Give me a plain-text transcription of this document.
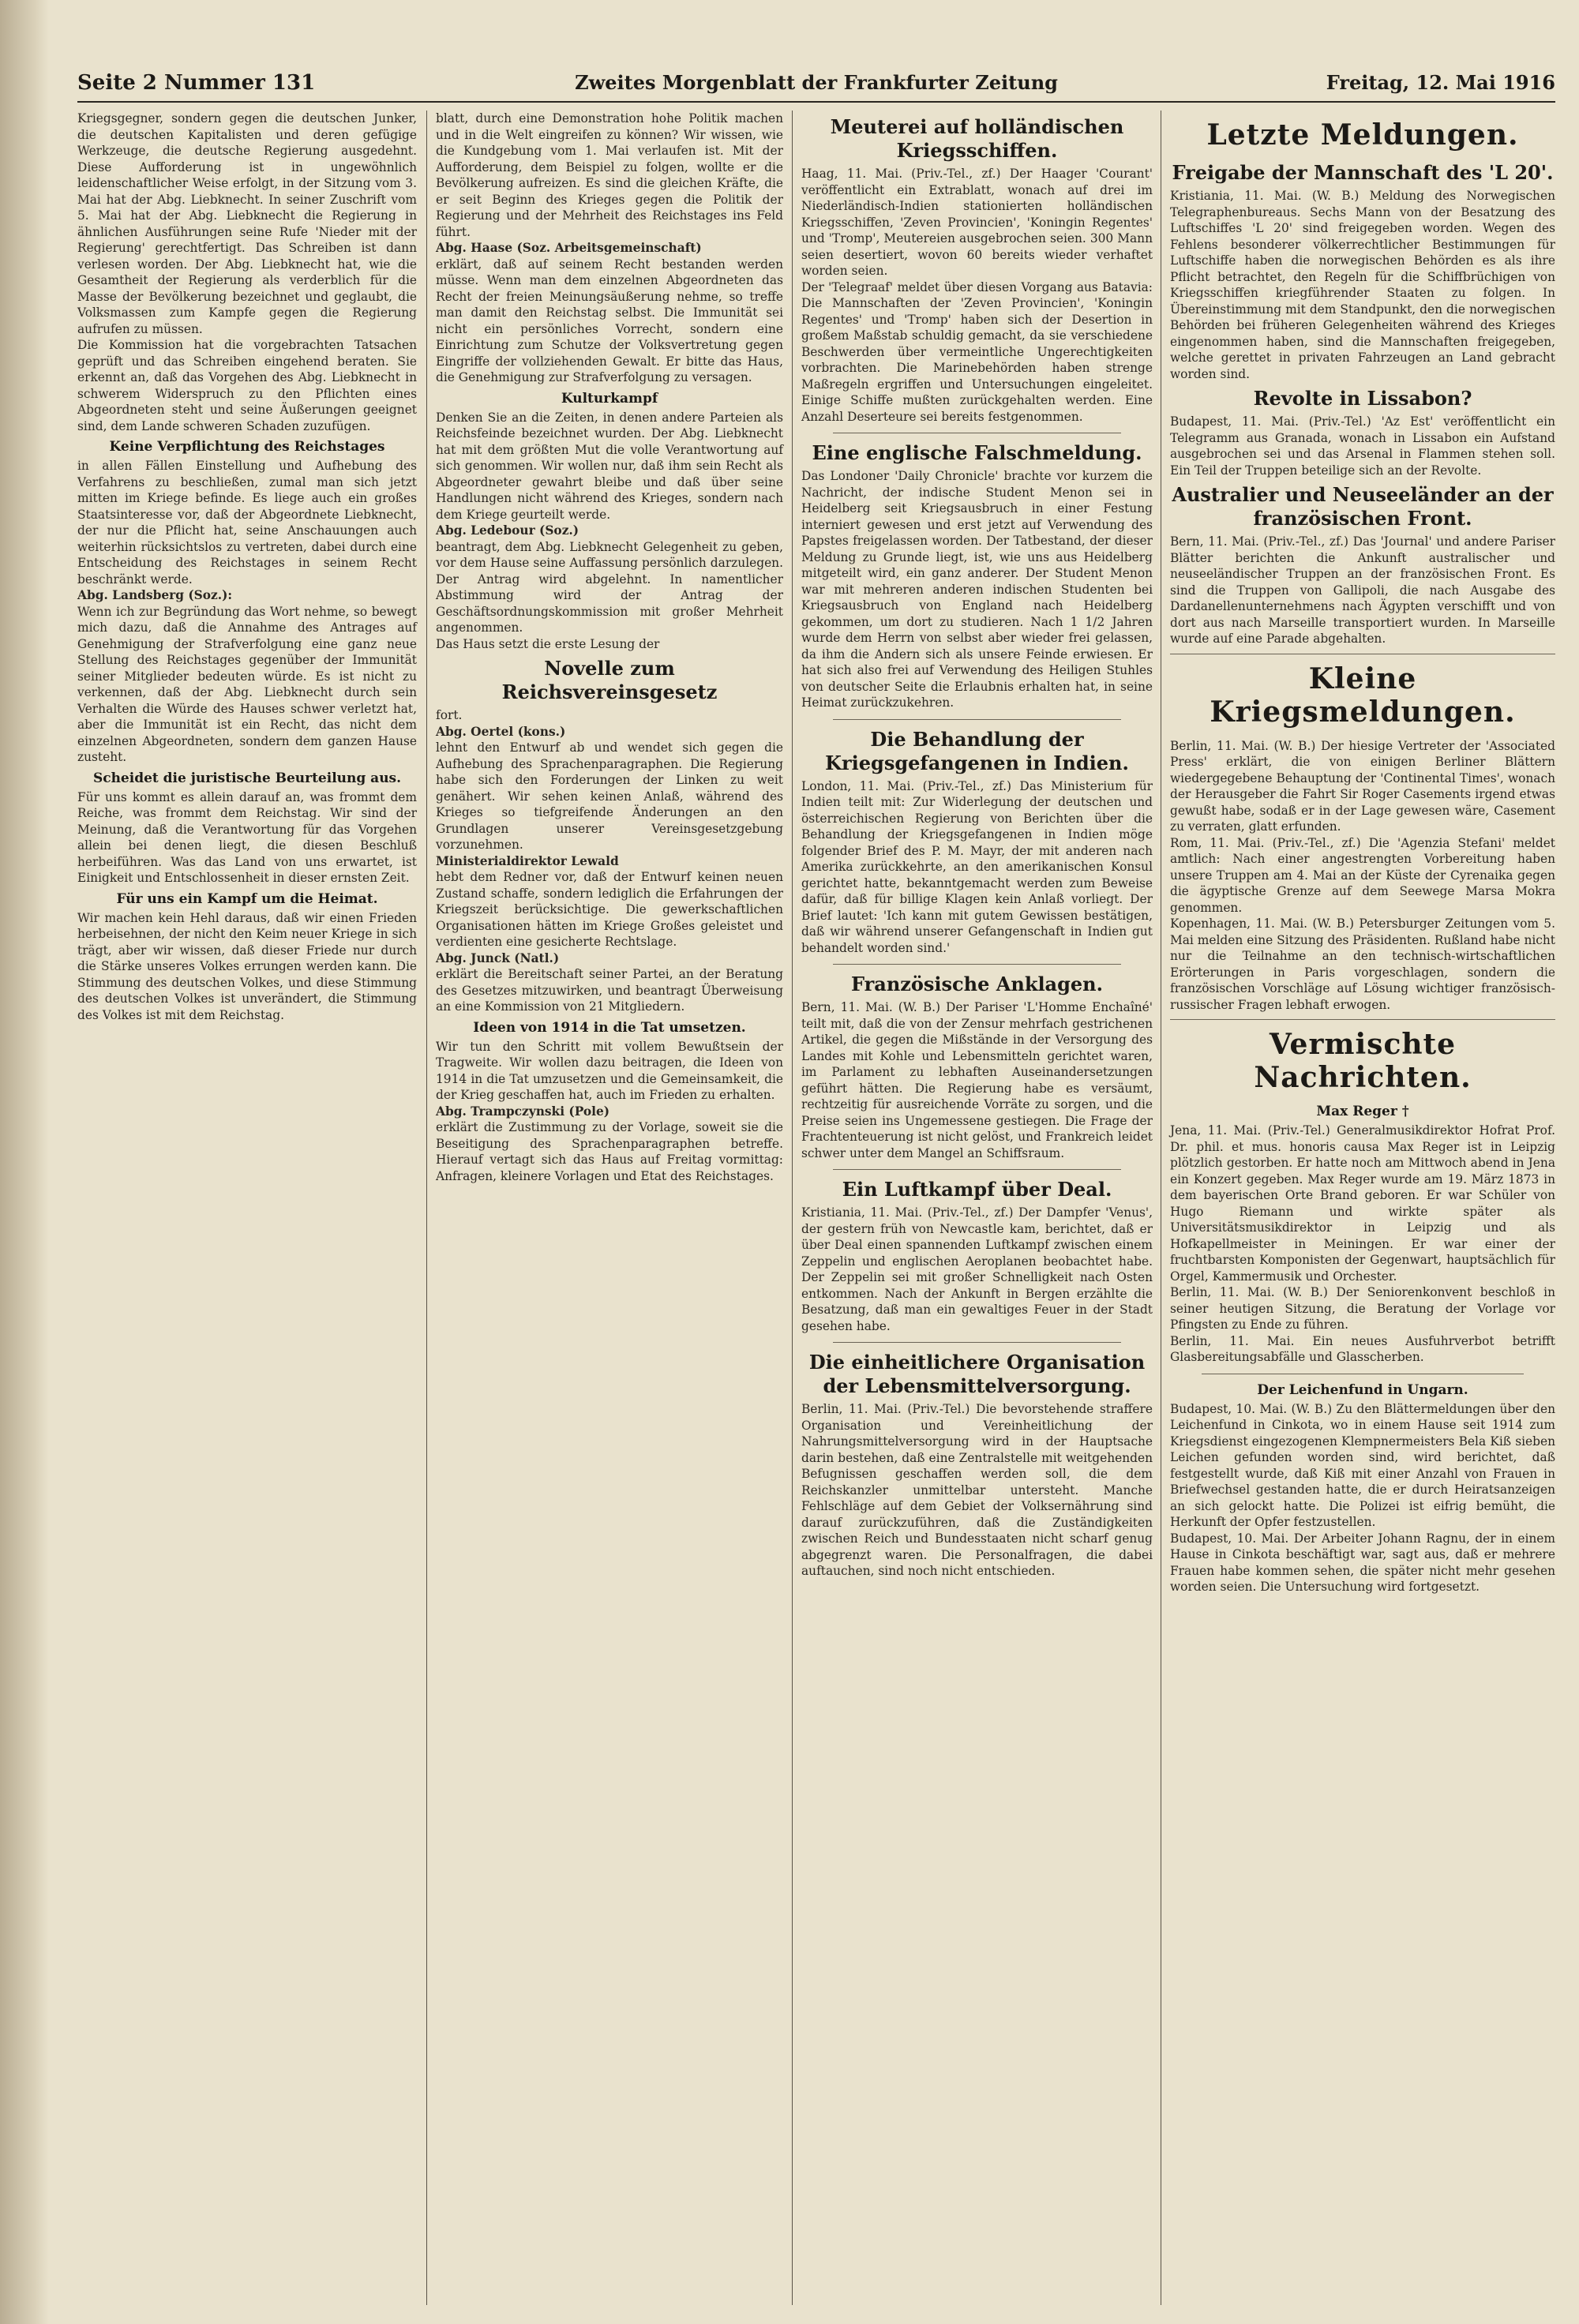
Seite 2 Nummer 131	Zweites Morgenblatt der Frankfurter Zeitung	Freitag, 12. Mai 1916
Kriegsgegner, sondern gegen die deutschen Junker, die deutschen Kapitalisten und deren gefügige Werkzeuge, die deutsche Regierung ausgedehnt. Diese Aufforderung ist in ungewöhnlich leidenschaftlicher Weise erfolgt, in der Sitzung vom 3. Mai hat der Abg. Liebknecht. In seiner Zuschrift vom 5. Mai hat der Abg. Liebknecht die Regierung in ähnlichen Ausführungen seine Rufe 'Nieder mit der Regierung' gerechtfertigt. Das Schreiben ist dann verlesen worden. Der Abg. Liebknecht hat, wie die Gesamtheit der Regierung als verderblich für die Masse der Bevölkerung bezeichnet und geglaubt, die Volksmassen zum Kampfe gegen die Regierung aufrufen zu müssen.
Die Kommission hat die vorgebrachten Tatsachen geprüft und das Schreiben eingehend beraten. Sie erkennt an, daß das Vorgehen des Abg. Liebknecht in schwerem Widerspruch zu den Pflichten eines Abgeordneten steht und seine Äußerungen geeignet sind, dem Lande schweren Schaden zuzufügen.
Keine Verpflichtung des Reichstages
in allen Fällen Einstellung und Aufhebung des Verfahrens zu beschließen, zumal man sich jetzt mitten im Kriege befinde. Es liege auch ein großes Staatsinteresse vor, daß der Abgeordnete Liebknecht, der nur die Pflicht hat, seine Anschauungen auch weiterhin rücksichtslos zu vertreten, dabei durch eine Entscheidung des Reichstages in seinem Recht beschränkt werde.
Abg. Landsberg (Soz.):
Wenn ich zur Begründung das Wort nehme, so bewegt mich dazu, daß die Annahme des Antrages auf Genehmigung der Strafverfolgung eine ganz neue Stellung des Reichstages gegenüber der Immunität seiner Mitglieder bedeuten würde. Es ist nicht zu verkennen, daß der Abg. Liebknecht durch sein Verhalten die Würde des Hauses schwer verletzt hat, aber die Immunität ist ein Recht, das nicht dem einzelnen Abgeordneten, sondern dem ganzen Hause zusteht.
Scheidet die juristische Beurteilung aus.
Für uns kommt es allein darauf an, was frommt dem Reiche, was frommt dem Reichstag. Wir sind der Meinung, daß die Verantwortung für das Vorgehen allein bei denen liegt, die diesen Beschluß herbeiführen. Was das Land von uns erwartet, ist Einigkeit und Entschlossenheit in dieser ernsten Zeit.
Für uns ein Kampf um die Heimat.
Wir machen kein Hehl daraus, daß wir einen Frieden herbeisehnen, der nicht den Keim neuer Kriege in sich trägt, aber wir wissen, daß dieser Friede nur durch die Stärke unseres Volkes errungen werden kann. Die Stimmung des deutschen Volkes, und diese Stimmung des deutschen Volkes ist unverändert, die Stimmung des Volkes ist mit dem Reichstag.
blatt, durch eine Demonstration hohe Politik machen und in die Welt eingreifen zu können? Wir wissen, wie die Kundgebung vom 1. Mai verlaufen ist. Mit der Aufforderung, dem Beispiel zu folgen, wollte er die Bevölkerung aufreizen. Es sind die gleichen Kräfte, die er seit Beginn des Krieges gegen die Politik der Regierung und der Mehrheit des Reichstages ins Feld führt.
Abg. Haase (Soz. Arbeitsgemeinschaft)
erklärt, daß auf seinem Recht bestanden werden müsse. Wenn man dem einzelnen Abgeordneten das Recht der freien Meinungsäußerung nehme, so treffe man damit den Reichstag selbst. Die Immunität sei nicht ein persönliches Vorrecht, sondern eine Einrichtung zum Schutze der Volksvertretung gegen Eingriffe der vollziehenden Gewalt. Er bitte das Haus, die Genehmigung zur Strafverfolgung zu versagen.
Kulturkampf
Denken Sie an die Zeiten, in denen andere Parteien als Reichsfeinde bezeichnet wurden. Der Abg. Liebknecht hat mit dem größten Mut die volle Verantwortung auf sich genommen. Wir wollen nur, daß ihm sein Recht als Abgeordneter gewahrt bleibe und daß über seine Handlungen nicht während des Krieges, sondern nach dem Kriege geurteilt werde.
Abg. Ledebour (Soz.)
beantragt, dem Abg. Liebknecht Gelegenheit zu geben, vor dem Hause seine Auffassung persönlich darzulegen. Der Antrag wird abgelehnt. In namentlicher Abstimmung wird der Antrag der Geschäftsordnungskommission mit großer Mehrheit angenommen.
Das Haus setzt die erste Lesung der
Novelle zum Reichsvereinsgesetz
fort.
Abg. Oertel (kons.)
lehnt den Entwurf ab und wendet sich gegen die Aufhebung des Sprachenparagraphen. Die Regierung habe sich den Forderungen der Linken zu weit genähert. Wir sehen keinen Anlaß, während des Krieges so tiefgreifende Änderungen an den Grundlagen unserer Vereinsgesetzgebung vorzunehmen.
Ministerialdirektor Lewald
hebt dem Redner vor, daß der Entwurf keinen neuen Zustand schaffe, sondern lediglich die Erfahrungen der Kriegszeit berücksichtige. Die gewerkschaftlichen Organisationen hätten im Kriege Großes geleistet und verdienten eine gesicherte Rechtslage.
Abg. Junck (Natl.)
erklärt die Bereitschaft seiner Partei, an der Beratung des Gesetzes mitzuwirken, und beantragt Überweisung an eine Kommission von 21 Mitgliedern.
Ideen von 1914 in die Tat umsetzen.
Wir tun den Schritt mit vollem Bewußtsein der Tragweite. Wir wollen dazu beitragen, die Ideen von 1914 in die Tat umzusetzen und die Gemeinsamkeit, die der Krieg geschaffen hat, auch im Frieden zu erhalten.
Abg. Trampczynski (Pole)
erklärt die Zustimmung zu der Vorlage, soweit sie die Beseitigung des Sprachenparagraphen betreffe. Hierauf vertagt sich das Haus auf Freitag vormittag: Anfragen, kleinere Vorlagen und Etat des Reichstages.
Meuterei auf holländischen Kriegsschiffen.
Haag, 11. Mai. (Priv.-Tel., zf.) Der Haager 'Courant' veröffentlicht ein Extrablatt, wonach auf drei im Niederländisch-Indien stationierten holländischen Kriegsschiffen, 'Zeven Provincien', 'Koningin Regentes' und 'Tromp', Meutereien ausgebrochen seien. 300 Mann seien desertiert, wovon 60 bereits wieder verhaftet worden seien.
Der 'Telegraaf' meldet über diesen Vorgang aus Batavia: Die Mannschaften der 'Zeven Provincien', 'Koningin Regentes' und 'Tromp' haben sich der Desertion in großem Maßstab schuldig gemacht, da sie verschiedene Beschwerden über vermeintliche Ungerechtigkeiten vorbrachten. Die Marinebehörden haben strenge Maßregeln ergriffen und Untersuchungen eingeleitet. Einige Schiffe mußten zurückgehalten werden. Eine Anzahl Deserteure sei bereits festgenommen.
Eine englische Falschmeldung.
Das Londoner 'Daily Chronicle' brachte vor kurzem die Nachricht, der indische Student Menon sei in Heidelberg seit Kriegsausbruch in einer Festung interniert gewesen und erst jetzt auf Verwendung des Papstes freigelassen worden. Der Tatbestand, der dieser Meldung zu Grunde liegt, ist, wie uns aus Heidelberg mitgeteilt wird, ein ganz anderer. Der Student Menon war mit mehreren anderen indischen Studenten bei Kriegsausbruch von England nach Heidelberg gekommen, um dort zu studieren. Nach 1 1/2 Jahren wurde dem Herrn von selbst aber wieder frei gelassen, da ihm die Andern sich als unsere Feinde erwiesen. Er hat sich also frei auf Verwendung des Heiligen Stuhles von deutscher Seite die Erlaubnis erhalten hat, in seine Heimat zurückzukehren.
Die Behandlung der Kriegsgefangenen in Indien.
London, 11. Mai. (Priv.-Tel., zf.) Das Ministerium für Indien teilt mit: Zur Widerlegung der deutschen und österreichischen Regierung von Berichten über die Behandlung der Kriegsgefangenen in Indien möge folgender Brief des P. M. Mayr, der mit anderen nach Amerika zurückkehrte, an den amerikanischen Konsul gerichtet hatte, bekanntgemacht werden zum Beweise dafür, daß für billige Klagen kein Anlaß vorliegt. Der Brief lautet: 'Ich kann mit gutem Gewissen bestätigen, daß wir während unserer Gefangenschaft in Indien gut behandelt worden sind.'
Französische Anklagen.
Bern, 11. Mai. (W. B.) Der Pariser 'L'Homme Enchaîné' teilt mit, daß die von der Zensur mehrfach gestrichenen Artikel, die gegen die Mißstände in der Versorgung des Landes mit Kohle und Lebensmitteln gerichtet waren, im Parlament zu lebhaften Auseinandersetzungen geführt hätten. Die Regierung habe es versäumt, rechtzeitig für ausreichende Vorräte zu sorgen, und die Preise seien ins Ungemessene gestiegen. Die Frage der Frachtenteuerung ist nicht gelöst, und Frankreich leidet schwer unter dem Mangel an Schiffsraum.
Ein Luftkampf über Deal.
Kristiania, 11. Mai. (Priv.-Tel., zf.) Der Dampfer 'Venus', der gestern früh von Newcastle kam, berichtet, daß er über Deal einen spannenden Luftkampf zwischen einem Zeppelin und englischen Aeroplanen beobachtet habe. Der Zeppelin sei mit großer Schnelligkeit nach Osten entkommen. Nach der Ankunft in Bergen erzählte die Besatzung, daß man ein gewaltiges Feuer in der Stadt gesehen habe.
Die einheitlichere Organisation der Lebensmittelversorgung.
Berlin, 11. Mai. (Priv.-Tel.) Die bevorstehende straffere Organisation und Vereinheitlichung der Nahrungsmittelversorgung wird in der Hauptsache darin bestehen, daß eine Zentralstelle mit weitgehenden Befugnissen geschaffen werden soll, die dem Reichskanzler unmittelbar untersteht. Manche Fehlschläge auf dem Gebiet der Volksernährung sind darauf zurückzuführen, daß die Zuständigkeiten zwischen Reich und Bundesstaaten nicht scharf genug abgegrenzt waren. Die Personalfragen, die dabei auftauchen, sind noch nicht entschieden.
Letzte Meldungen.
Freigabe der Mannschaft des 'L 20'.
Kristiania, 11. Mai. (W. B.) Meldung des Norwegischen Telegraphenbureaus. Sechs Mann von der Besatzung des Luftschiffes 'L 20' sind freigegeben worden. Wegen des Fehlens besonderer völkerrechtlicher Bestimmungen für Luftschiffe haben die norwegischen Behörden es als ihre Pflicht betrachtet, den Regeln für die Schiffbrüchigen von Kriegsschiffen kriegführender Staaten zu folgen. In Übereinstimmung mit dem Standpunkt, den die norwegischen Behörden bei früheren Gelegenheiten während des Krieges eingenommen haben, sind die Mannschaften freigegeben, welche gerettet in privaten Fahrzeugen an Land gebracht worden sind.
Revolte in Lissabon?
Budapest, 11. Mai. (Priv.-Tel.) 'Az Est' veröffentlicht ein Telegramm aus Granada, wonach in Lissabon ein Aufstand ausgebrochen sei und das Arsenal in Flammen stehen soll. Ein Teil der Truppen beteilige sich an der Revolte.
Australier und Neuseeländer an der französischen Front.
Bern, 11. Mai. (Priv.-Tel., zf.) Das 'Journal' und andere Pariser Blätter berichten die Ankunft australischer und neuseeländischer Truppen an der französischen Front. Es sind die Truppen von Gallipoli, die nach Ausgabe des Dardanellenunternehmens nach Ägypten verschifft und von dort aus nach Marseille transportiert wurden. In Marseille wurde auf eine Parade abgehalten.
Kleine Kriegsmeldungen.
Berlin, 11. Mai. (W. B.) Der hiesige Vertreter der 'Associated Press' erklärt, die von einigen Berliner Blättern wiedergegebene Behauptung der 'Continental Times', wonach der Herausgeber die Fahrt Sir Roger Casements irgend etwas gewußt habe, sodaß er in der Lage gewesen wäre, Casement zu verraten, glatt erfunden.
Rom, 11. Mai. (Priv.-Tel., zf.) Die 'Agenzia Stefani' meldet amtlich: Nach einer angestrengten Vorbereitung haben unsere Truppen am 4. Mai an der Küste der Cyrenaika gegen die ägyptische Grenze auf dem Seewege Marsa Mokra genommen.
Kopenhagen, 11. Mai. (W. B.) Petersburger Zeitungen vom 5. Mai melden eine Sitzung des Präsidenten. Rußland habe nicht nur die Teilnahme an den technisch-wirtschaftlichen Erörterungen in Paris vorgeschlagen, sondern die französischen Vorschläge auf Lösung wichtiger französisch-russischer Fragen lebhaft erwogen.
Vermischte Nachrichten.
Max Reger †
Jena, 11. Mai. (Priv.-Tel.) Generalmusikdirektor Hofrat Prof. Dr. phil. et mus. honoris causa Max Reger ist in Leipzig plötzlich gestorben. Er hatte noch am Mittwoch abend in Jena ein Konzert gegeben. Max Reger wurde am 19. März 1873 in dem bayerischen Orte Brand geboren. Er war Schüler von Hugo Riemann und wirkte später als Universitätsmusikdirektor in Leipzig und als Hofkapellmeister in Meiningen. Er war einer der fruchtbarsten Komponisten der Gegenwart, hauptsächlich für Orgel, Kammermusik und Orchester.
Berlin, 11. Mai. (W. B.) Der Seniorenkonvent beschloß in seiner heutigen Sitzung, die Beratung der Vorlage vor Pfingsten zu Ende zu führen.
Berlin, 11. Mai. Ein neues Ausfuhrverbot betrifft Glasbereitungsabfälle und Glasscherben.
Der Leichenfund in Ungarn.
Budapest, 10. Mai. (W. B.) Zu den Blättermeldungen über den Leichenfund in Cinkota, wo in einem Hause seit 1914 zum Kriegsdienst eingezogenen Klempnermeisters Bela Kiß sieben Leichen gefunden worden sind, wird berichtet, daß festgestellt wurde, daß Kiß mit einer Anzahl von Frauen in Briefwechsel gestanden hatte, die er durch Heiratsanzeigen an sich gelockt hatte. Die Polizei ist eifrig bemüht, die Herkunft der Opfer festzustellen.
Budapest, 10. Mai. Der Arbeiter Johann Ragnu, der in einem Hause in Cinkota beschäftigt war, sagt aus, daß er mehrere Frauen habe kommen sehen, die später nicht mehr gesehen worden seien. Die Untersuchung wird fortgesetzt.
